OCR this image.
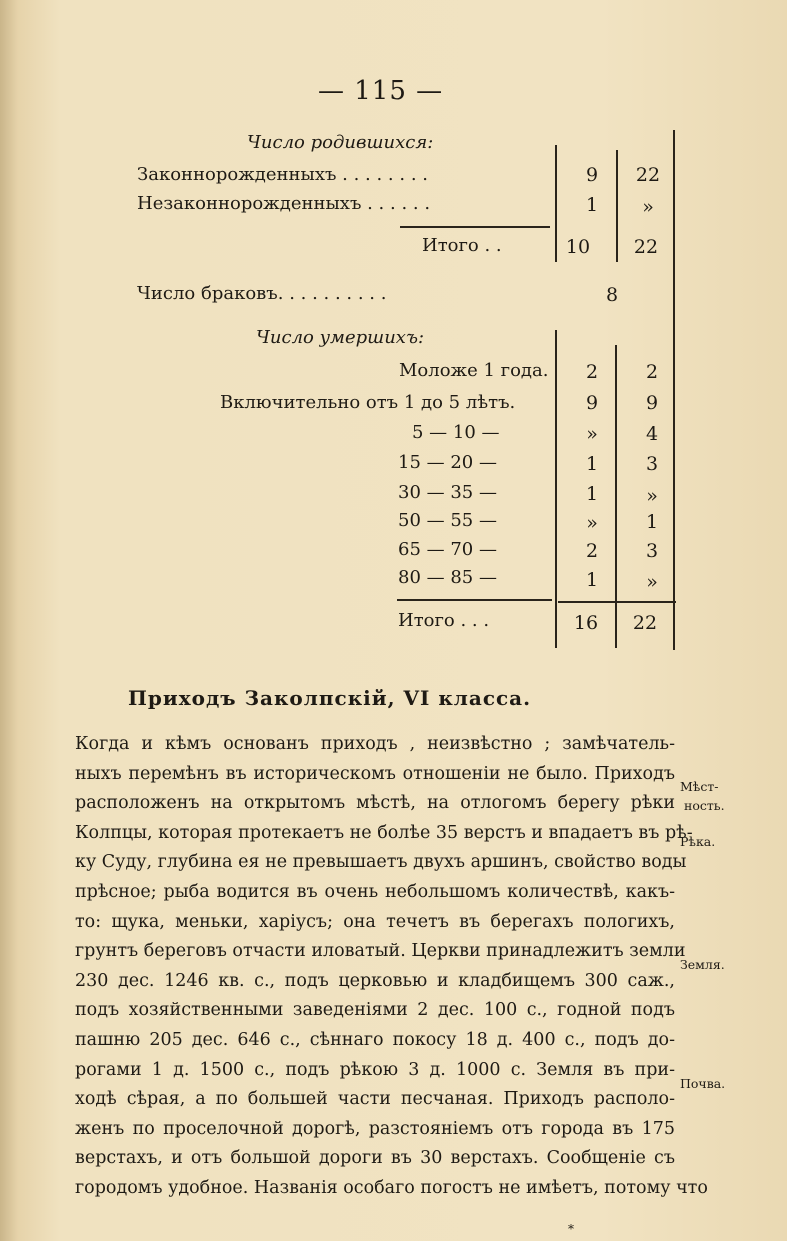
— 115 —
Число родившихся:
Законнорожденныхъ . . . . . . . .	9	22
Незаконнорожденныхъ . . . . . .	1	»
Итого . .	10	22
Число браковъ. . . . . . . . . .	8
Число умершихъ:
Моложе 1 года.	2	2
Включительно отъ 1 до 5 лѣтъ.	9	9
5 — 10 —	»	4
15 — 20 —	1	3
30 — 35 —	1	»
50 — 55 —	»	1
65 — 70 —	2	3
80 — 85 —	1	»
Итого . . .	16	22
Приходъ Заколпскій, VI класса.
Когда и кѣмъ основанъ приходъ , неизвѣстно ; замѣчатель-
ныхъ перемѣнъ въ историческомъ отношеніи не было. Приходъ
расположенъ на открытомъ мѣстѣ, на отлогомъ берегу рѣки
Колпцы, которая протекаетъ не болѣе 35 верстъ и впадаетъ въ рѣ-
ку Суду, глубина ея не превышаетъ двухъ аршинъ, свойство воды
прѣсное; рыба водится въ очень небольшомъ количествѣ, какъ-
то: щука, меньки, харіусъ; она течетъ въ берегахъ пологихъ,
грунтъ береговъ отчасти иловатый. Церкви принадлежитъ земли
230 дес. 1246 кв. с., подъ церковью и кладбищемъ 300 саж.,
подъ хозяйственными заведеніями 2 дес. 100 с., годной подъ
пашню 205 дес. 646 с., сѣннаго покосу 18 д. 400 с., подъ до-
рогами 1 д. 1500 с., подъ рѣкою 3 д. 1000 с. Земля въ при-
ходѣ сѣрая, а по большей части песчаная. Приходъ располо-
женъ по проселочной дорогѣ, разстояніемъ отъ города въ 175
верстахъ, и отъ большой дороги въ 30 верстахъ. Сообщеніе съ
городомъ удобное. Названія особаго погостъ не имѣетъ, потому что
Мѣст-
ность.
Рѣка.
Земля.
Почва.
*
